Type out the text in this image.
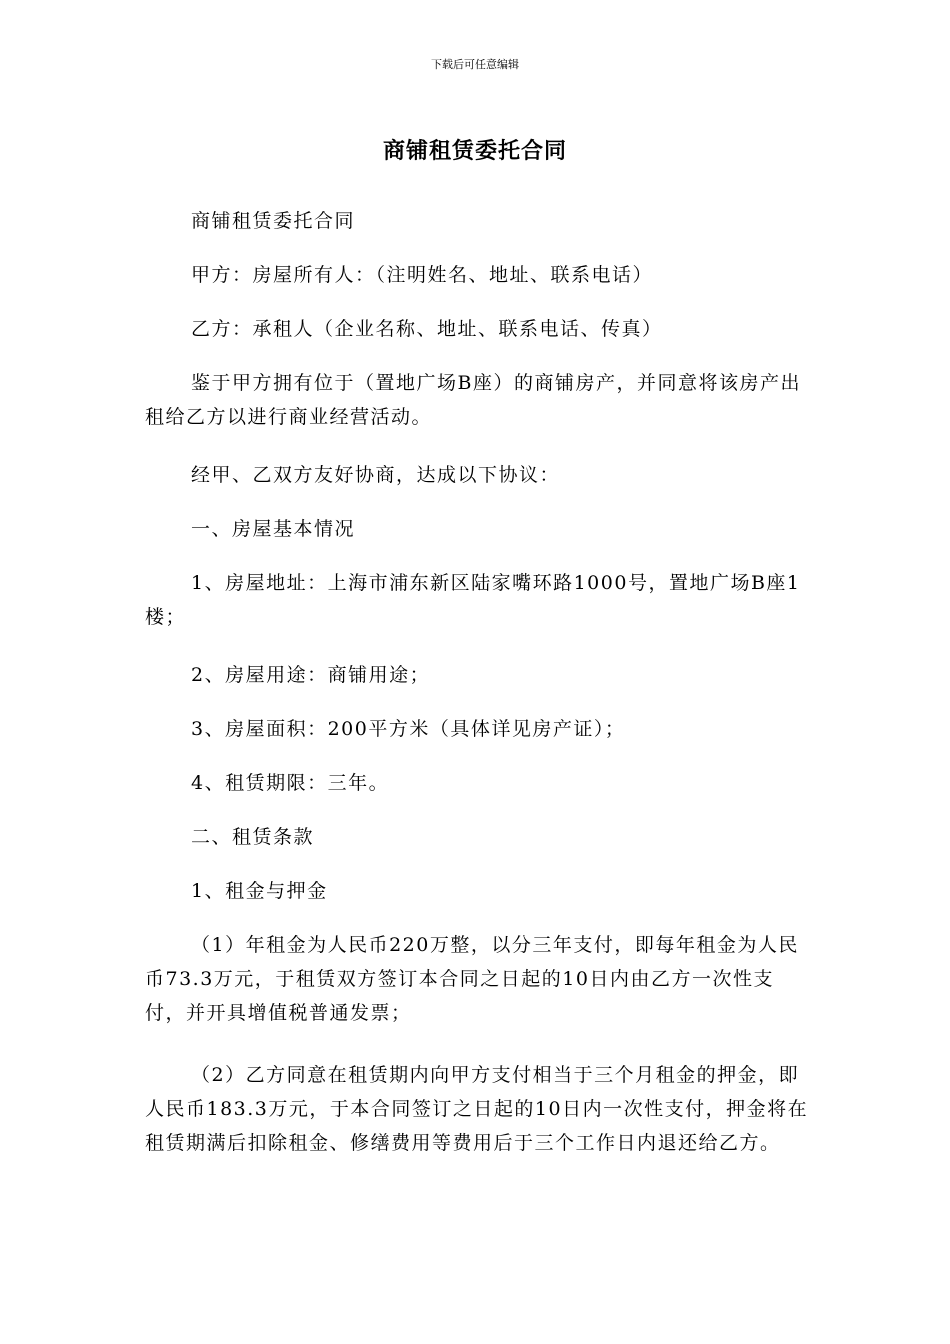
下载后可任意编辑
商铺租赁委托合同

商铺租赁委托合同

甲方：房屋所有人：（注明姓名、地址、联系电话）

乙方：承租人（企业名称、地址、联系电话、传真）

鉴于甲方拥有位于（置地广场B座）的商铺房产，并同意将该房产出租给乙方以进行商业经营活动。

经甲、乙双方友好协商，达成以下协议：

一、房屋基本情况

1、房屋地址：上海市浦东新区陆家嘴环路1000号，置地广场B座1楼；

2、房屋用途：商铺用途；

3、房屋面积：200平方米（具体详见房产证）；

4、租赁期限：三年。

二、租赁条款

1、租金与押金

（1）年租金为人民币220万整，以分三年支付，即每年租金为人民币73.3万元，于租赁双方签订本合同之日起的10日内由乙方一次性支付，并开具增值税普通发票；

（2）乙方同意在租赁期内向甲方支付相当于三个月租金的押金，即人民币183.3万元，于本合同签订之日起的10日内一次性支付，押金将在租赁期满后扣除租金、修缮费用等费用后于三个工作日内退还给乙方。
